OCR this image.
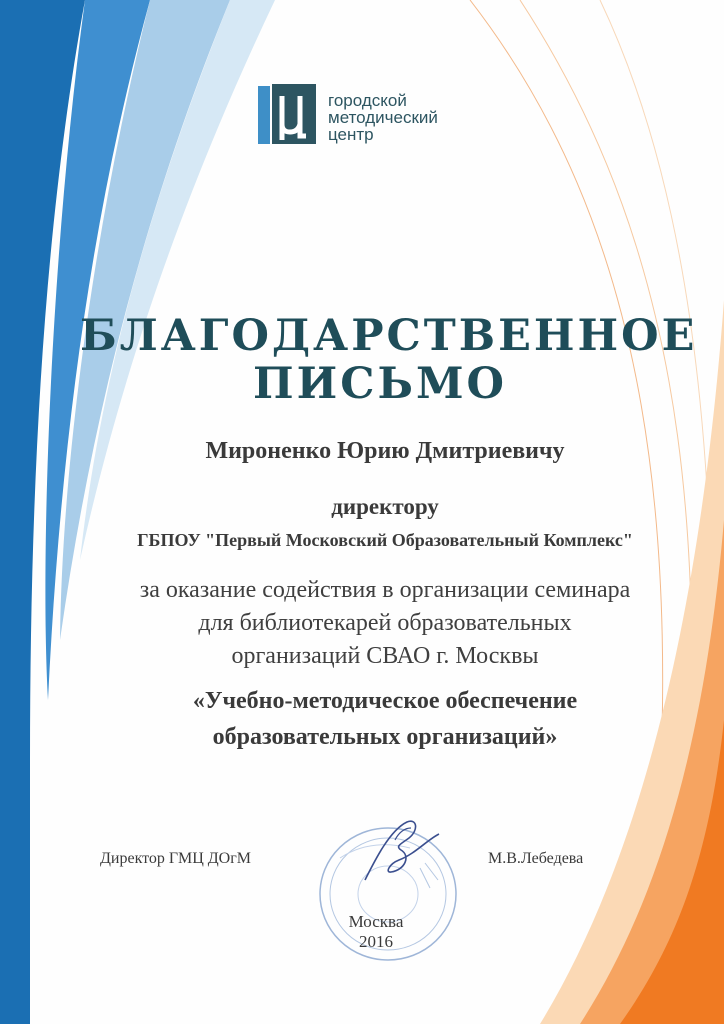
городской
методический
центр
БЛАГОДАРСТВЕННОЕ
ПИСЬМО
Мироненко Юрию Дмитриевичу
директору
ГБПОУ "Первый Московский Образовательный Комплекс"
за оказание содействия в организации семинара
для библиотекарей образовательных
организаций СВАО г. Москвы
«Учебно-методическое обеспечение
образовательных организаций»
Директор ГМЦ ДОгМ	М.В.Лебедева
Москва
2016
